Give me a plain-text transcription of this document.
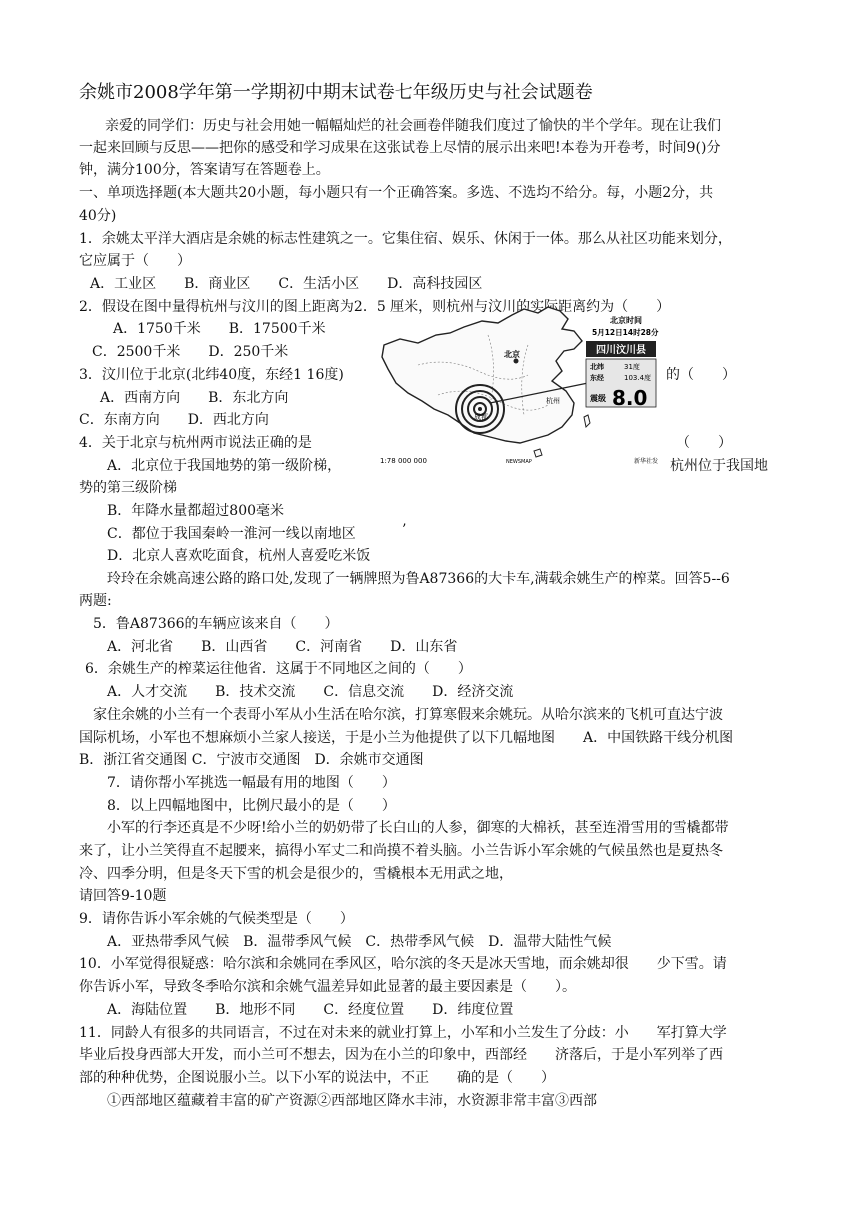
余姚市2008学年第一学期初中期末试卷七年级历史与社会试题卷
亲爱的同学们：历史与社会用她一幅幅灿烂的社会画卷伴随我们度过了愉快的半个学年。现在让我们
一起来回顾与反思——把你的感受和学习成果在这张试卷上尽情的展示出来吧!本卷为开卷考，时间9()分
钟，满分100分，答案请写在答题卷上。
一、单项选择题(本大题共20小题，每小题只有一个正确答案。多选、不选均不给分。每，小题2分，共
40分)
1．余姚太平洋大酒店是余姚的标志性建筑之一。它集住宿、娱乐、休闲于一体。那么从社区功能来划分，
它应属于（　　）
A．工业区　　B．商业区　　C．生活小区　　D．高科技园区
2．假设在图中量得杭州与汶川的图上距离为2．5 厘米，则杭州与汶川的实际距离约为（　　）
A．1750千米　　B．17500千米
C．2500千米　　D．250千米
3．汶川位于北京(北纬40度，东经1 16度)	的（　　）
A．西南方向　　B．东北方向
C．东南方向　　D．西北方向
4．关于北京与杭州两市说法正确的是	（　　）
A．北京位于我国地势的第一级阶梯，	杭州位于我国地
势的第三级阶梯
B．年降水量都超过800毫米
C．都位于我国秦岭一淮河一线以南地区	’
D．北京人喜欢吃面食，杭州人喜爱吃米饭
北京
成都
杭州
北京时间
5月12日14时28分
四川汶川县
北纬	31度
东经	103.4度
震级 8.0
1:78 000 000	NEWSMAP	新华社发
玲玲在余姚高速公路的路口处,发现了一辆牌照为鲁A87366的大卡车,满载余姚生产的榨菜。回答5--6
两题:
5．鲁A87366的车辆应该来自（　　）
A．河北省　　B．山西省　　C．河南省　　D．山东省
6．余姚生产的榨菜运往他省．这属于不同地区之间的（　　）
A．人才交流　　B．技术交流　　C．信息交流　　D．经济交流
家住余姚的小兰有一个表哥小军从小生活在哈尔滨，打算寒假来余姚玩。从哈尔滨来的飞机可直达宁波
国际机场，小军也不想麻烦小兰家人接送，于是小兰为他提供了以下几幅地图　　A．中国铁路干线分机图
B．浙江省交通图 C．宁波市交通图　D．余姚市交通图
7．请你帮小军挑选一幅最有用的地图（　　）
8．以上四幅地图中，比例尺最小的是（　　）
小军的行李还真是不少呀!给小兰的奶奶带了长白山的人参，御寒的大棉袄，甚至连滑雪用的雪橇都带
来了，让小兰笑得直不起腰来，搞得小军丈二和尚摸不着头脑。小兰告诉小军余姚的气候虽然也是夏热冬
冷、四季分明，但是冬天下雪的机会是很少的，雪橇根本无用武之地，
请回答9-10题
9．请你告诉小军余姚的气候类型是（　　）
A．亚热带季风气候　B．温带季风气候　C．热带季风气候　D．温带大陆性气候
10．小军觉得很疑惑：哈尔滨和余姚同在季风区，哈尔滨的冬天是冰天雪地，而余姚却很　　少下雪。请
你告诉小军，导致冬季哈尔滨和余姚气温差异如此显著的最主要因素是（　　）。
A．海陆位置　　B．地形不同　　C．经度位置　　D．纬度位置
11．同龄人有很多的共同语言，不过在对未来的就业打算上，小军和小兰发生了分歧：小　　军打算大学
毕业后投身西部大开发，而小兰可不想去，因为在小兰的印象中，西部经　　济落后，于是小军列举了西
部的种种优势，企图说服小兰。以下小军的说法中，不正　　确的是（　　）
①西部地区蕴藏着丰富的矿产资源②西部地区降水丰沛，水资源非常丰富③西部
